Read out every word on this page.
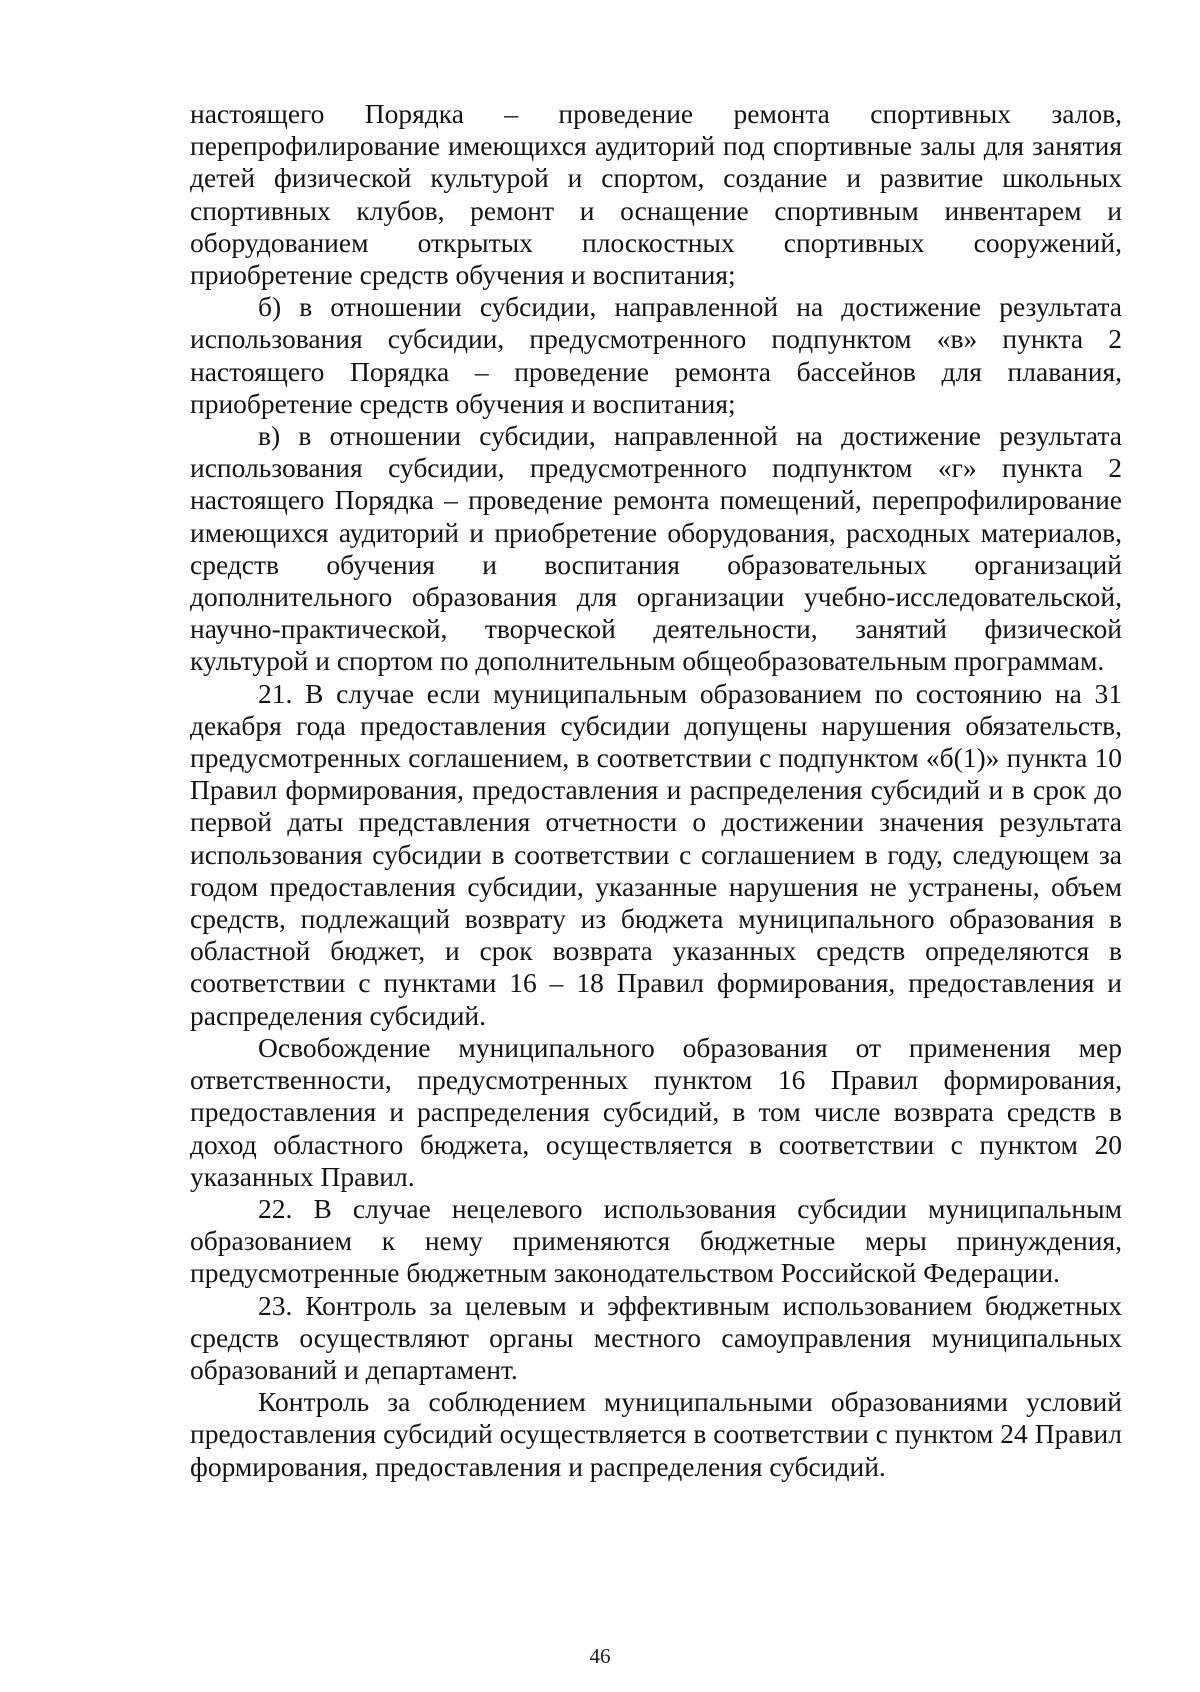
настоящего Порядка – проведение ремонта спортивных залов, перепрофилирование имеющихся аудиторий под спортивные залы для занятия детей физической культурой и спортом, создание и развитие школьных спортивных клубов, ремонт и оснащение спортивным инвентарем и оборудованием открытых плоскостных спортивных сооружений, приобретение средств обучения и воспитания;

б) в отношении субсидии, направленной на достижение результата использования субсидии, предусмотренного подпунктом «в» пункта 2 настоящего Порядка – проведение ремонта бассейнов для плавания, приобретение средств обучения и воспитания;

в) в отношении субсидии, направленной на достижение результата использования субсидии, предусмотренного подпунктом «г» пункта 2 настоящего Порядка – проведение ремонта помещений, перепрофилирование имеющихся аудиторий и приобретение оборудования, расходных материалов, средств обучения и воспитания образовательных организаций дополнительного образования для организации учебно-исследовательской, научно-практической, творческой деятельности, занятий физической культурой и спортом по дополнительным общеобразовательным программам.

21. В случае если муниципальным образованием по состоянию на 31 декабря года предоставления субсидии допущены нарушения обязательств, предусмотренных соглашением, в соответствии с подпунктом «б(1)» пункта 10 Правил формирования, предоставления и распределения субсидий и в срок до первой даты представления отчетности о достижении значения результата использования субсидии в соответствии с соглашением в году, следующем за годом предоставления субсидии, указанные нарушения не устранены, объем средств, подлежащий возврату из бюджета муниципального образования в областной бюджет, и срок возврата указанных средств определяются в соответствии с пунктами 16 – 18 Правил формирования, предоставления и распределения субсидий.

Освобождение муниципального образования от применения мер ответственности, предусмотренных пунктом 16 Правил формирования, предоставления и распределения субсидий, в том числе возврата средств в доход областного бюджета, осуществляется в соответствии с пунктом 20 указанных Правил.

22. В случае нецелевого использования субсидии муниципальным образованием к нему применяются бюджетные меры принуждения, предусмотренные бюджетным законодательством Российской Федерации.

23. Контроль за целевым и эффективным использованием бюджетных средств осуществляют органы местного самоуправления муниципальных образований и департамент.

Контроль за соблюдением муниципальными образованиями условий предоставления субсидий осуществляется в соответствии с пунктом 24 Правил формирования, предоставления и распределения субсидий.

46
